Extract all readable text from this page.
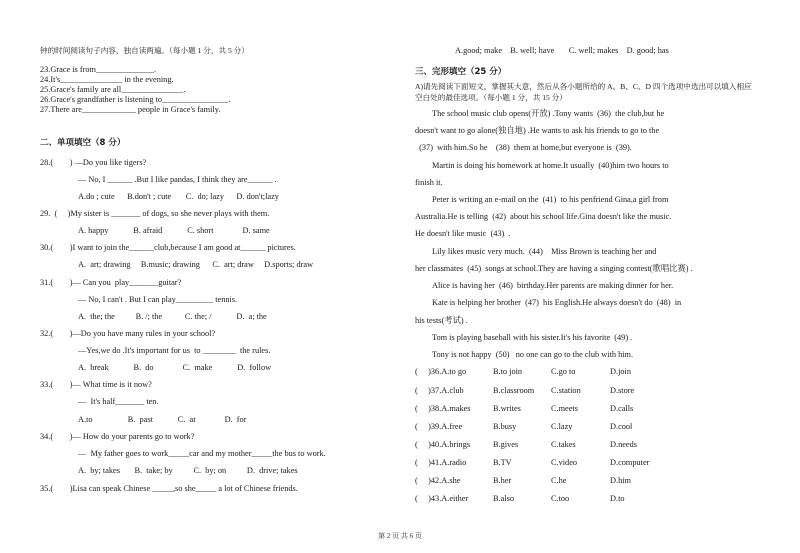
钟的时间阅读句子内容，独自读两遍。（每小题 1 分，共 5 分）
23.Grace is from______________.
24.It's_______________ in the evening.
25.Grace's family are all_______________.
26.Grace's grandfather is listening to________________.
27.There are_____________ people in Grace's family.
二、单项填空（8 分）
28.(        ) —Do you like tigers?
— No, I ______ .But I like pandas, I think they are______ .
A.do ; cute      B.don't ; cute       C.  do; lazy      D. don't;lazy
29.  (     )My sister is _______ of dogs, so she never plays with them.
A. happy            B. afraid            C. short              D. same
30.(        )I want to join the______club,because I am good at______ pictures.
A.  art; drawing     B.music; drawing      C.  art; draw     D.sports; draw
31.(        )— Can you  play_______guitar?
— No, I can't . But I can play_________ tennis.
A.  the; the          B. /; the           C. the; /            D.  a; the
32.(        )—Do you have many rules in your school?
—Yes,we do .It's important for us  to ________  the rules.
A.  break            B.  do              C.  make            D.  follow
33.(        )— What time is it now?
—  It's half_______ ten.
A.to                 B.  past            C.  at              D.  for
34.(        )— How do your parents go to work?
—  My father goes to work_____car and my mother_____the bus to work.
A.  by; takes       B.  take; by          C.  by; on          D.  drive; takes
35.(        )Lisa can speak Chinese _____,so she_____ a lot of Chinese friends.
A.good; make    B. well; have       C. well; makes    D. good; has
三、完形填空（25 分）
A)请先阅读下面短文，掌握其大意，然后从各小题所给的 A、B、C、D 四个选项中选出可以填入相应
空白处的最佳选项。（每小题 1 分，共 15 分）
The school music club opens(开放) .Tony wants  (36)  the club,but he
doesn't want to go alone(独自地) .He wants to ask his friends to go to the
(37)  with him.So he    (38)  them at home,but everyone is  (39).
Martin is doing his homework at home.It usually  (40)him two hours to
finish it.
Peter is writing an e-mail on the  (41)  to his penfriend Gina,a girl from
Australia.He is telling  (42)  about his school life.Gina doesn't like the music.
He doesn't like music  (43)  .
Lily likes music very much.  (44)    Miss Brown is teaching her and
her classmates  (45)  songs at school.They are having a singing contest(歌唱比赛) .
Alice is having her  (46)  birthday.Her parents are making dinner for her.
Kate is helping her brother  (47)  his English.He always doesn't do  (48)  in
his tests(考试) .
Tom is playing baseball with his sister.It's his favorite  (49) .
Tony is not happy  (50)   no one can go to the club with him.
(     )36.A.to go	B.to join	C.go to	D.join
(     )37.A.club	B.classroom C.station	D.store
(     )38.A.makes	B.writes	C.meets	D.calls
(     )39.A.free	B.busy	C.lazy	D.cool
(     )40.A.brings	B.gives	C.takes	D.needs
(     )41.A.radio	B.TV	C.video	D.computer
(     )42.A.she	B.her	C.he	D.him
(     )43.A.either	B.also	C.too	D.to
第 2 页 共 6 页
